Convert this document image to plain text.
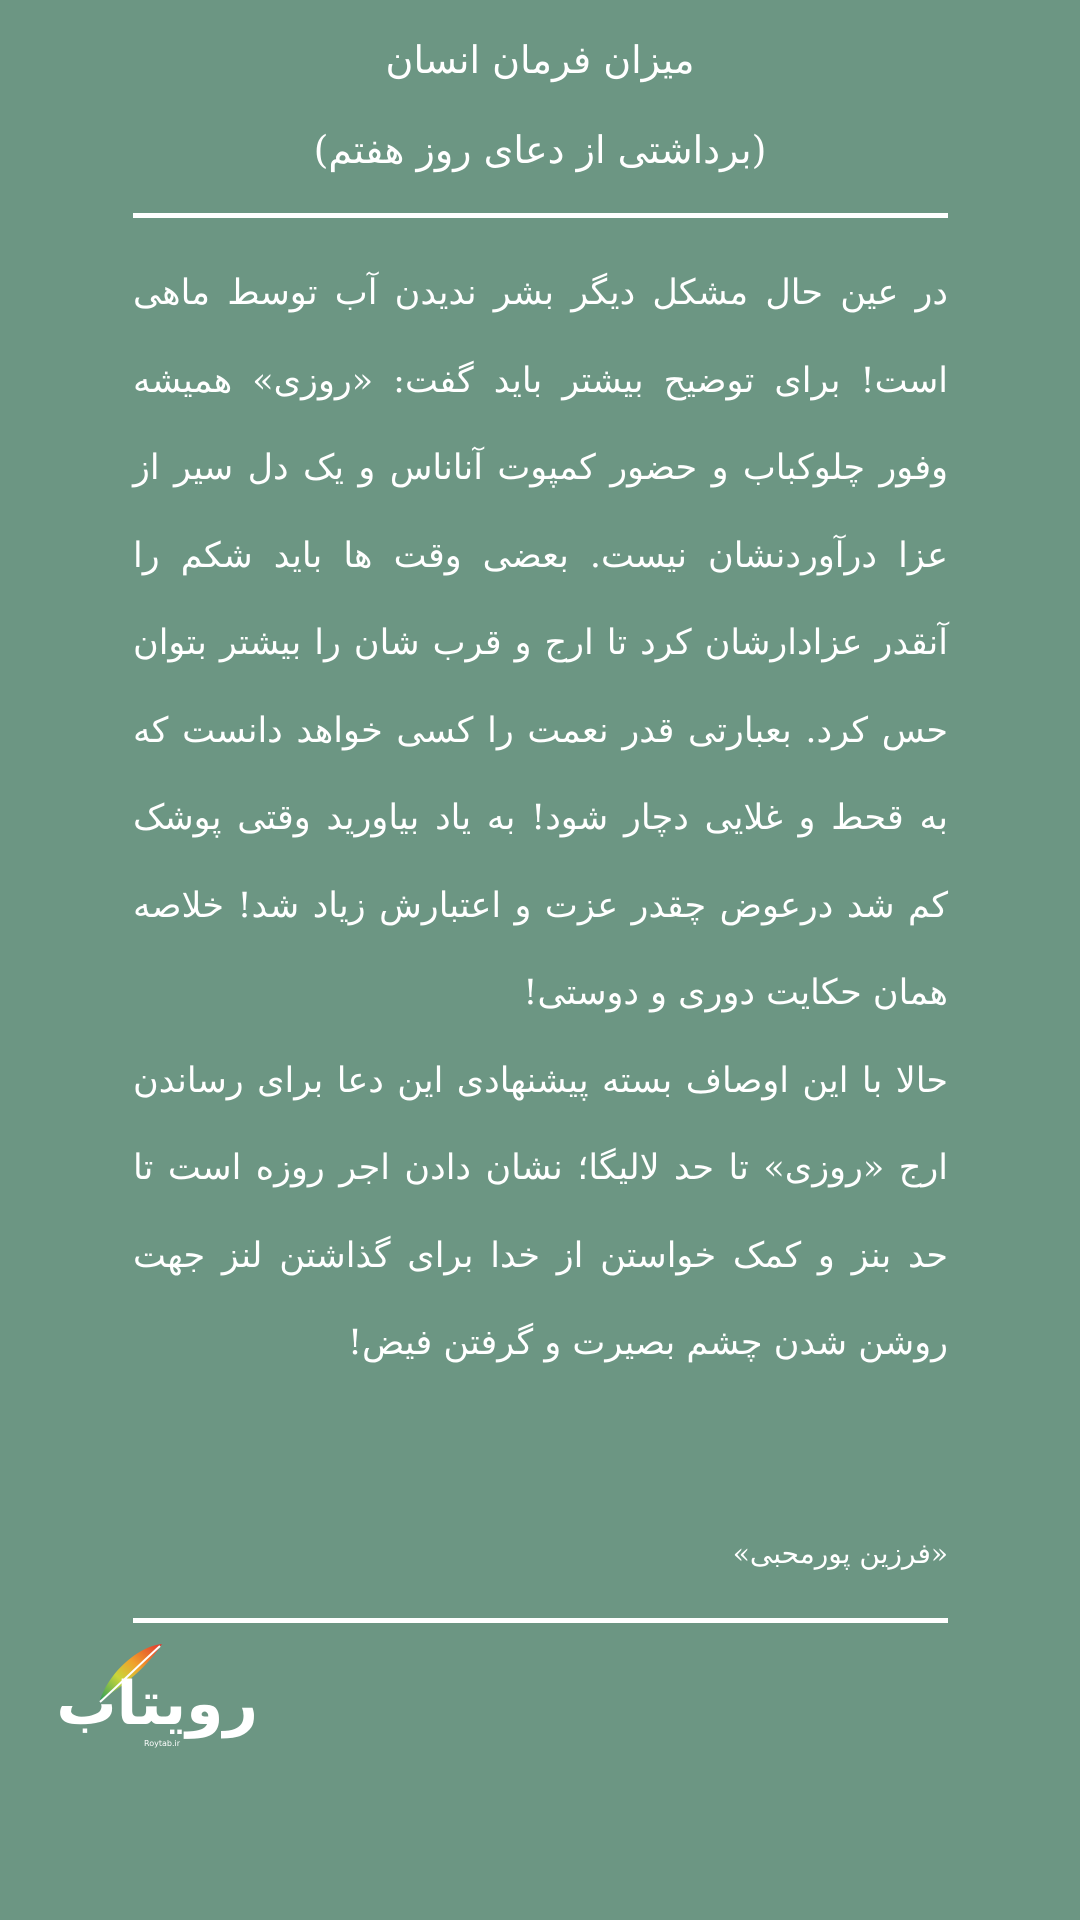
میزان فرمان انسان
(برداشتی از دعای روز هفتم)

در عین حال مشکل دیگر بشر ندیدن آب توسط ماهی است! برای توضیح بیشتر باید گفت: «روزی» همیشه وفور چلوکباب و حضور کمپوت آناناس و یک دل سیر از عزا درآوردنشان نیست. بعضی وقت ها باید شکم را آنقدر عزادارشان کرد تا ارج و قرب شان را بیشتر بتوان حس کرد. بعبارتی قدر نعمت را کسی خواهد دانست که به قحط و غلایی دچار شود! به یاد بیاورید وقتی پوشک کم شد درعوض چقدر عزت و اعتبارش زیاد شد! خلاصه همان حکایت دوری و دوستی!

حالا با این اوصاف بسته پیشنهادی این دعا برای رساندن ارج «روزی» تا حد لالیگا؛ نشان دادن اجر روزه است تا حد بنز و کمک خواستن از خدا برای گذاشتن لنز جهت روشن شدن چشم بصیرت و گرفتن فیض!

«فرزین پورمحبی»
رویتاب
Roytab.ir
